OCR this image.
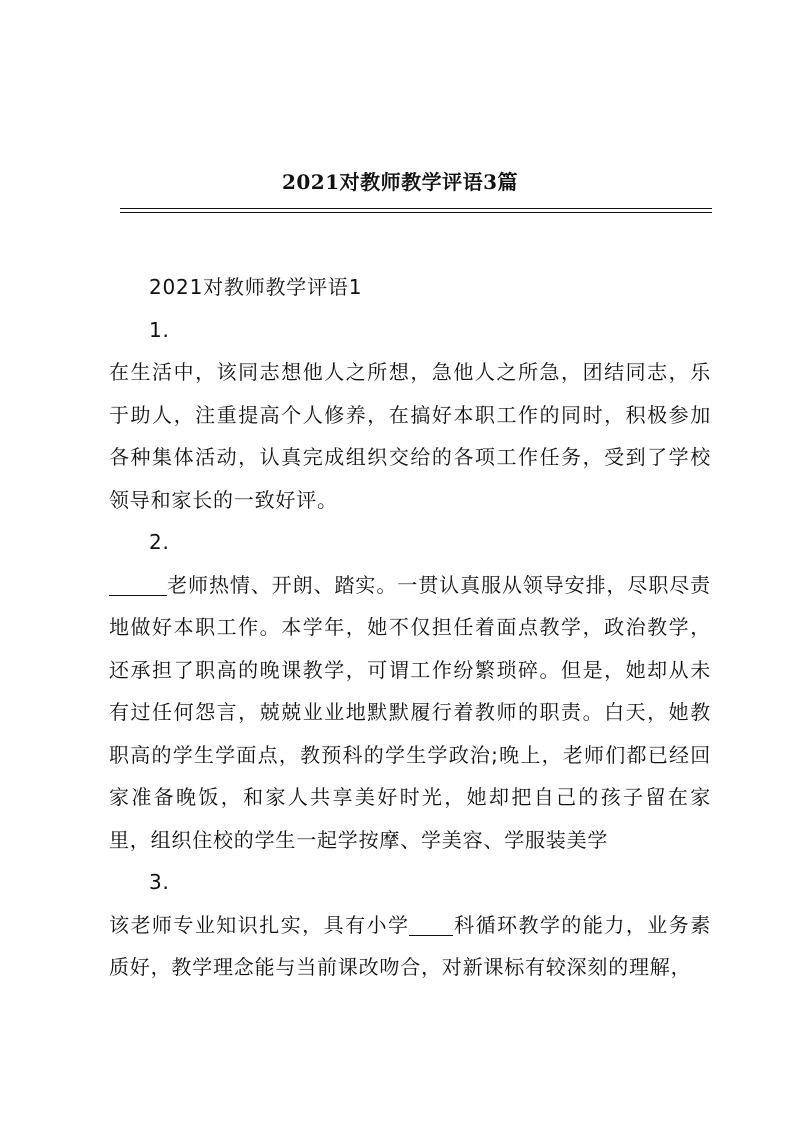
2021对教师教学评语3篇

2021对教师教学评语1

1.

在生活中，该同志想他人之所想，急他人之所急，团结同志，乐于助人，注重提高个人修养，在搞好本职工作的同时，积极参加各种集体活动，认真完成组织交给的各项工作任务，受到了学校领导和家长的一致好评。

2.

老师热情、开朗、踏实。一贯认真服从领导安排，尽职尽责地做好本职工作。本学年，她不仅担任着面点教学，政治教学，还承担了职高的晚课教学，可谓工作纷繁琐碎。但是，她却从未有过任何怨言，兢兢业业地默默履行着教师的职责。白天，她教职高的学生学面点，教预科的学生学政治;晚上，老师们都已经回家准备晚饭，和家人共享美好时光，她却把自己的孩子留在家里，组织住校的学生一起学按摩、学美容、学服装美学

3.

该老师专业知识扎实，具有小学 科循环教学的能力，业务素质好，教学理念能与当前课改吻合，对新课标有较深刻的理解，
